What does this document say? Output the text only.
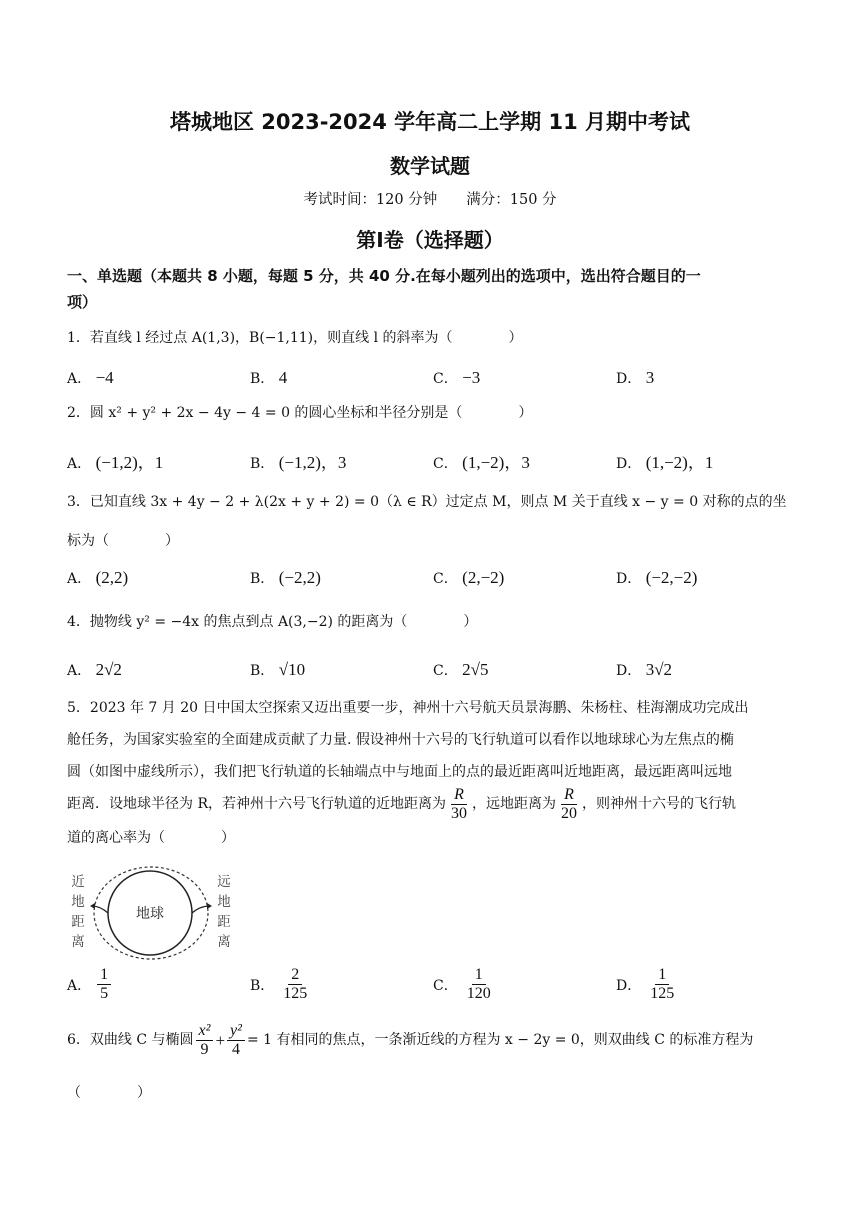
塔城地区 2023-2024 学年高二上学期 11 月期中考试
数学试题
考试时间：120 分钟　　满分：150 分
第Ⅰ卷（选择题）
一、单选题（本题共 8 小题，每题 5 分，共 40 分.在每小题列出的选项中，选出符合题目的一
项）
1．若直线 l 经过点 A(1,3)，B(−1,11)，则直线 l 的斜率为（　　　　）
A． −4	B． 4	C． −3	D． 3
2．圆 x² + y² + 2x − 4y − 4 = 0 的圆心坐标和半径分别是（　　　　）
A． (−1,2)，1	B． (−1,2)，3	C． (1,−2)，3	D． (1,−2)，1
3．已知直线 3x + 4y − 2 + λ(2x + y + 2) = 0（λ ∈ R）过定点 M，则点 M 关于直线 x − y = 0 对称的点的坐
标为（　　　　）
A． (2,2)	B． (−2,2)	C． (2,−2)	D． (−2,−2)
4．抛物线 y² = −4x 的焦点到点 A(3,−2) 的距离为（　　　　）
A． 2√2	B． √10	C． 2√5	D． 3√2
5．2023 年 7 月 20 日中国太空探索又迈出重要一步，神州十六号航天员景海鹏、朱杨柱、桂海潮成功完成出
舱任务，为国家实验室的全面建成贡献了力量. 假设神州十六号的飞行轨道可以看作以地球球心为左焦点的椭
圆（如图中虚线所示），我们把飞行轨道的长轴端点中与地面上的点的最近距离叫近地距离，最远距离叫远地
距离．设地球半径为 R，若神州十六号飞行轨道的近地距离为 $\frac{R}{30}$ ，远地距离为 $\frac{R}{20}$ ，则神州十六号的飞行轨
道的离心率为（　　　　）
地球
近
地
距
离
远
地
距
离
A． $\frac{1}{5}$	B． $\frac{2}{125}$	C． $\frac{1}{120}$	D． $\frac{1}{125}$
6．双曲线 C 与椭圆 $\frac{\text{x²}}{9} + \frac{\text{y²}}{4} = 1$ 有相同的焦点，一条渐近线的方程为 x − 2y = 0，则双曲线 C 的标准方程为
（　　　　）
